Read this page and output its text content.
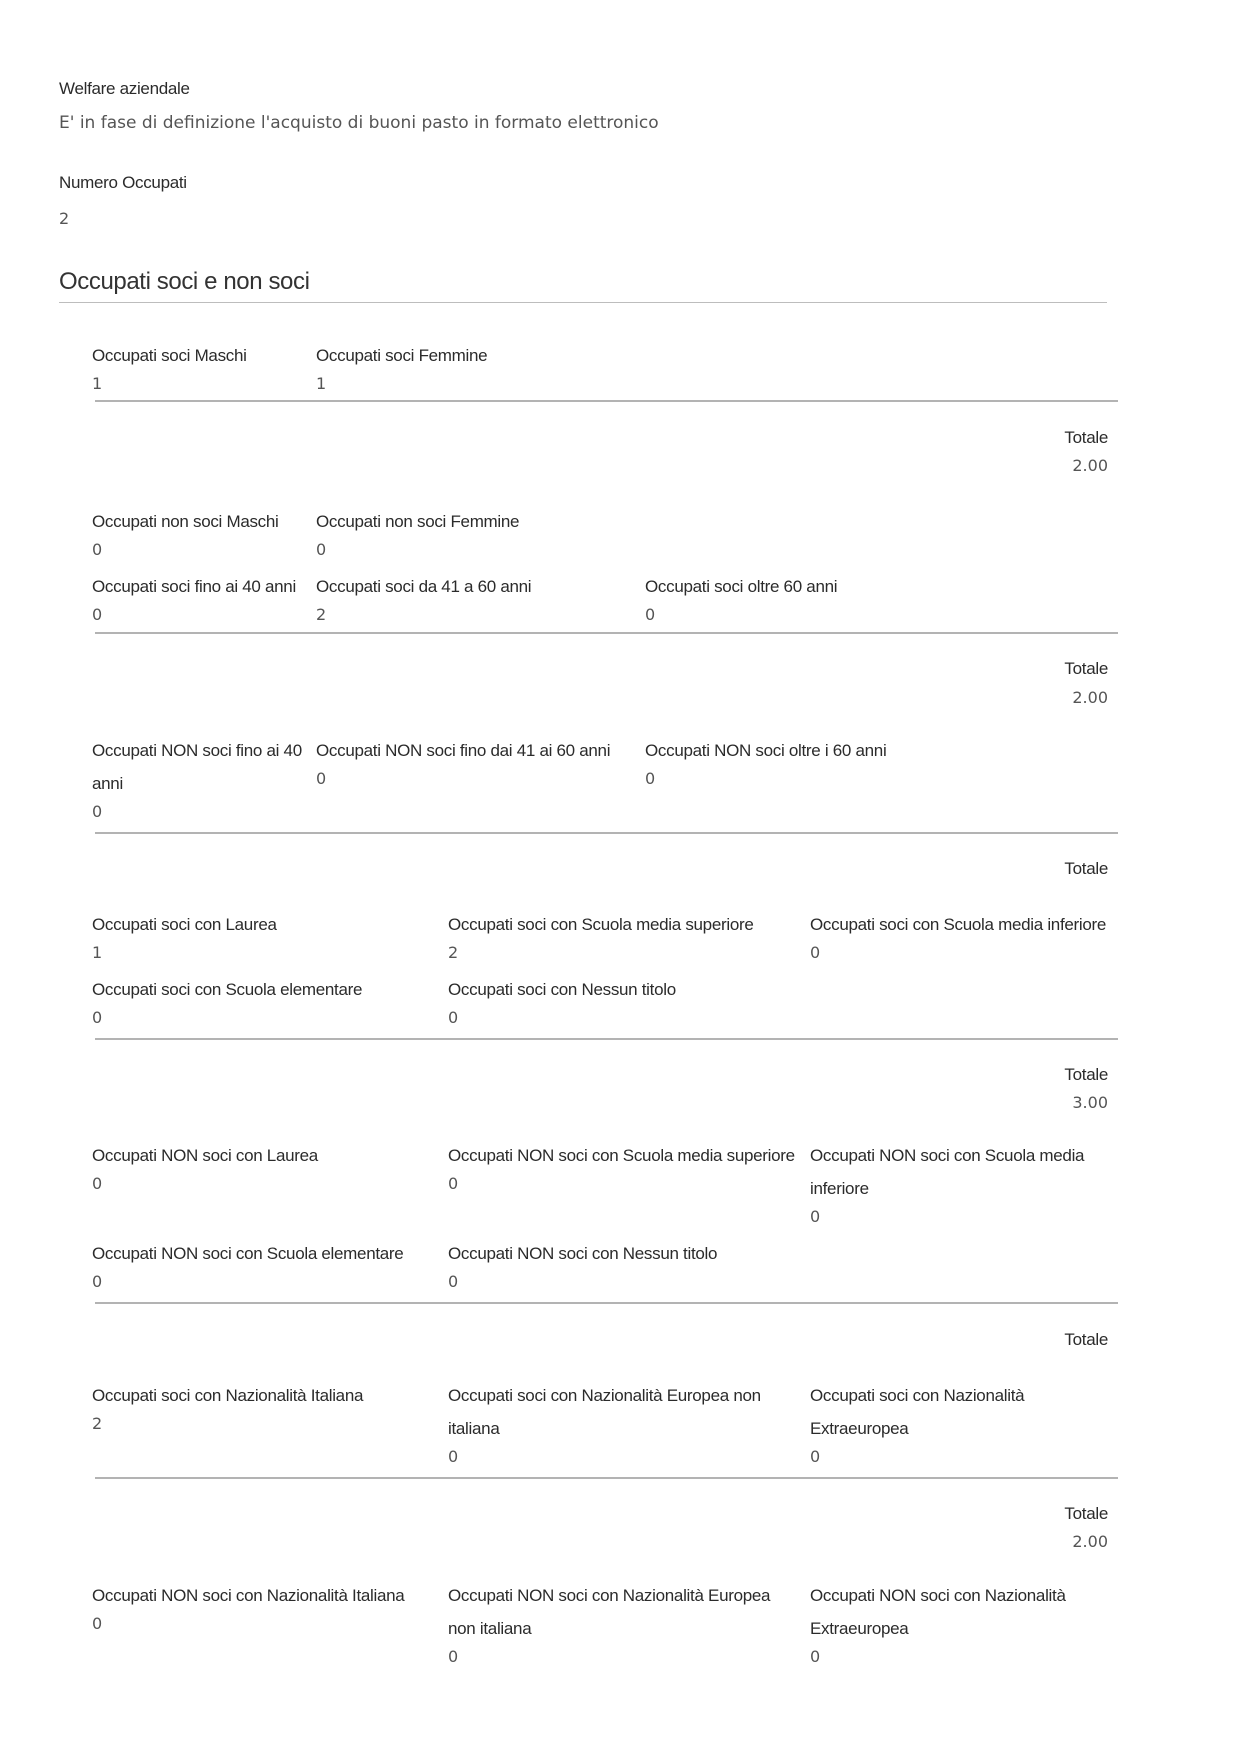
Welfare aziendale
E' in fase di definizione l'acquisto di buoni pasto in formato elettronico
Numero Occupati
2
Occupati soci e non soci
Occupati soci Maschi
1
Occupati soci Femmine
1
Totale
2.00
Occupati non soci Maschi
0
Occupati non soci Femmine
0
Occupati soci fino ai 40 anni
0
Occupati soci da 41 a 60 anni
2
Occupati soci oltre 60 anni
0
Totale
2.00
Occupati NON soci fino ai 40 anni
0
Occupati NON soci fino dai 41 ai 60 anni
0
Occupati NON soci oltre i 60 anni
0
Totale
Occupati soci con Laurea
1
Occupati soci con Scuola media superiore
2
Occupati soci con Scuola media inferiore
0
Occupati soci con Scuola elementare
0
Occupati soci con Nessun titolo
0
Totale
3.00
Occupati NON soci con Laurea
0
Occupati NON soci con Scuola media superiore
0
Occupati NON soci con Scuola media inferiore
0
Occupati NON soci con Scuola elementare
0
Occupati NON soci con Nessun titolo
0
Totale
Occupati soci con Nazionalità Italiana
2
Occupati soci con Nazionalità Europea non italiana
0
Occupati soci con Nazionalità Extraeuropea
0
Totale
2.00
Occupati NON soci con Nazionalità Italiana
0
Occupati NON soci con Nazionalità Europea non italiana
0
Occupati NON soci con Nazionalità Extraeuropea
0
